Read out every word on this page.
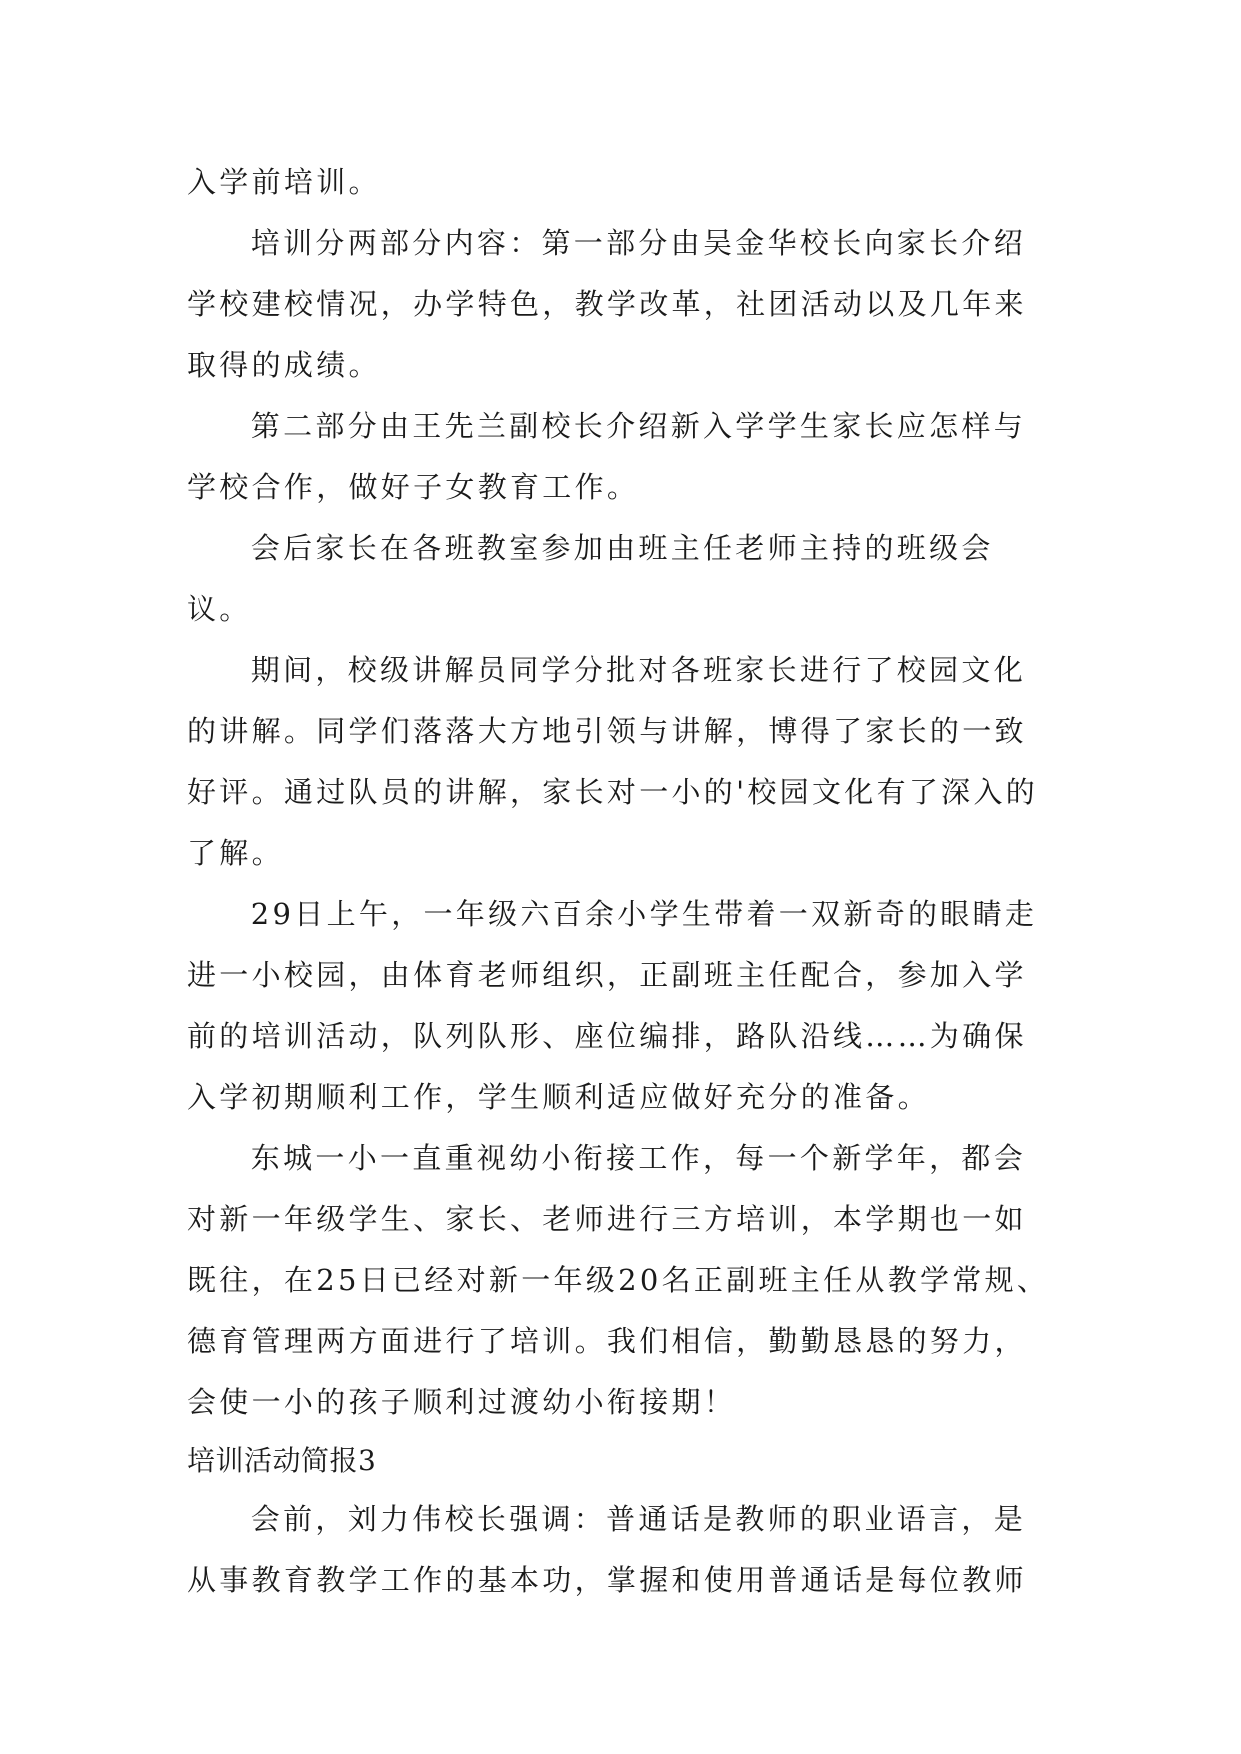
入学前培训。

培训分两部分内容：第一部分由吴金华校长向家长介绍学校建校情况，办学特色，教学改革，社团活动以及几年来取得的成绩。

第二部分由王先兰副校长介绍新入学学生家长应怎样与学校合作，做好子女教育工作。

会后家长在各班教室参加由班主任老师主持的班级会议。

期间，校级讲解员同学分批对各班家长进行了校园文化的讲解。同学们落落大方地引领与讲解，博得了家长的一致好评。通过队员的讲解，家长对一小的'校园文化有了深入的了解。

29日上午，一年级六百余小学生带着一双新奇的眼睛走进一小校园，由体育老师组织，正副班主任配合，参加入学前的培训活动，队列队形、座位编排，路队沿线……为确保入学初期顺利工作，学生顺利适应做好充分的准备。

东城一小一直重视幼小衔接工作，每一个新学年，都会对新一年级学生、家长、老师进行三方培训，本学期也一如既往，在25日已经对新一年级20名正副班主任从教学常规、德育管理两方面进行了培训。我们相信，勤勤恳恳的努力，会使一小的孩子顺利过渡幼小衔接期！

培训活动简报3

会前，刘力伟校长强调：普通话是教师的职业语言，是从事教育教学工作的基本功，掌握和使用普通话是每位教师
